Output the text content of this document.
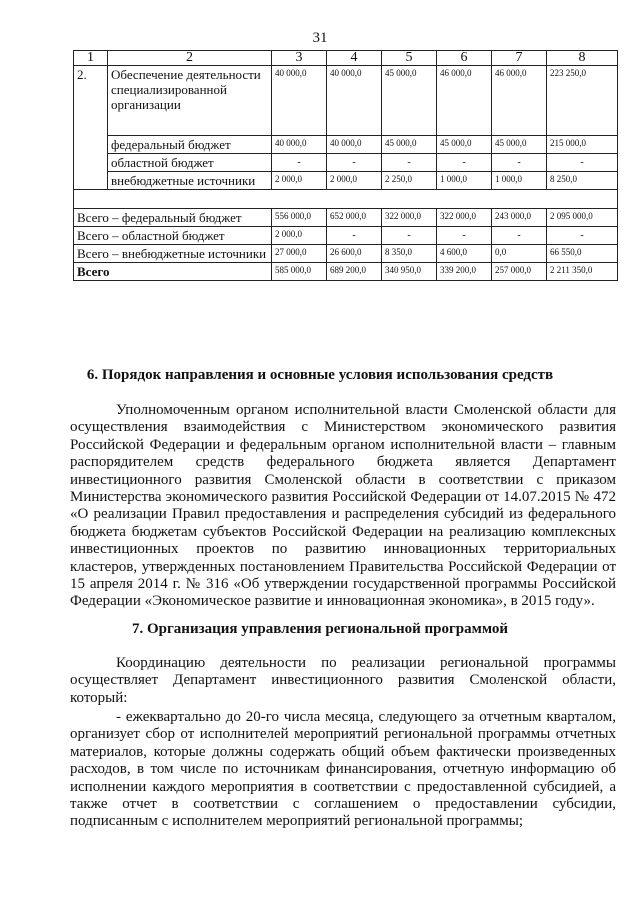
31
1	2	3	4	5	6	7	8
2.	Обеспечение деятельности специализированной организации	40 000,0	40 000,0	45 000,0	46 000,0	46 000,0	223 250,0
	федеральный бюджет	40 000,0	40 000,0	45 000,0	45 000,0	45 000,0	215 000,0
	областной бюджет	-	-	-	-	-	-
	внебюджетные источники	2 000,0	2 000,0	2 250,0	1 000,0	1 000,0	8 250,0

Всего – федеральный бюджет		556 000,0	652 000,0	322 000,0	322 000,0	243 000,0	2 095 000,0
Всего – областной бюджет		2 000,0	-	-	-	-	-
Всего – внебюджетные источники		27 000,0	26 600,0	8 350,0	4 600,0	0,0	66 550,0
Всего		585 000,0	689 200,0	340 950,0	339 200,0	257 000,0	2 211 350,0
6. Порядок направления и основные условия использования средств

Уполномоченным органом исполнительной власти Смоленской области для осуществления взаимодействия с Министерством экономического развития Российской Федерации и федеральным органом исполнительной власти – главным распорядителем средств федерального бюджета является Департамент инвестиционного развития Смоленской области в соответствии с приказом Министерства экономического развития Российской Федерации от 14.07.2015 № 472 «О реализации Правил предоставления и распределения субсидий из федерального бюджета бюджетам субъектов Российской Федерации на реализацию комплексных инвестиционных проектов по развитию инновационных территориальных кластеров, утвержденных постановлением Правительства Российской Федерации от 15 апреля 2014 г. № 316 «Об утверждении государственной программы Российской Федерации «Экономическое развитие и инновационная экономика», в 2015 году».

7. Организация управления региональной программой

Координацию деятельности по реализации региональной программы осуществляет Департамент инвестиционного развития Смоленской области, который:

- ежеквартально до 20-го числа месяца, следующего за отчетным кварталом, организует сбор от исполнителей мероприятий региональной программы отчетных материалов, которые должны содержать общий объем фактически произведенных расходов, в том числе по источникам финансирования, отчетную информацию об исполнении каждого мероприятия в соответствии с предоставленной субсидией, а также отчет в соответствии с соглашением о предоставлении субсидии, подписанным с исполнителем мероприятий региональной программы;
